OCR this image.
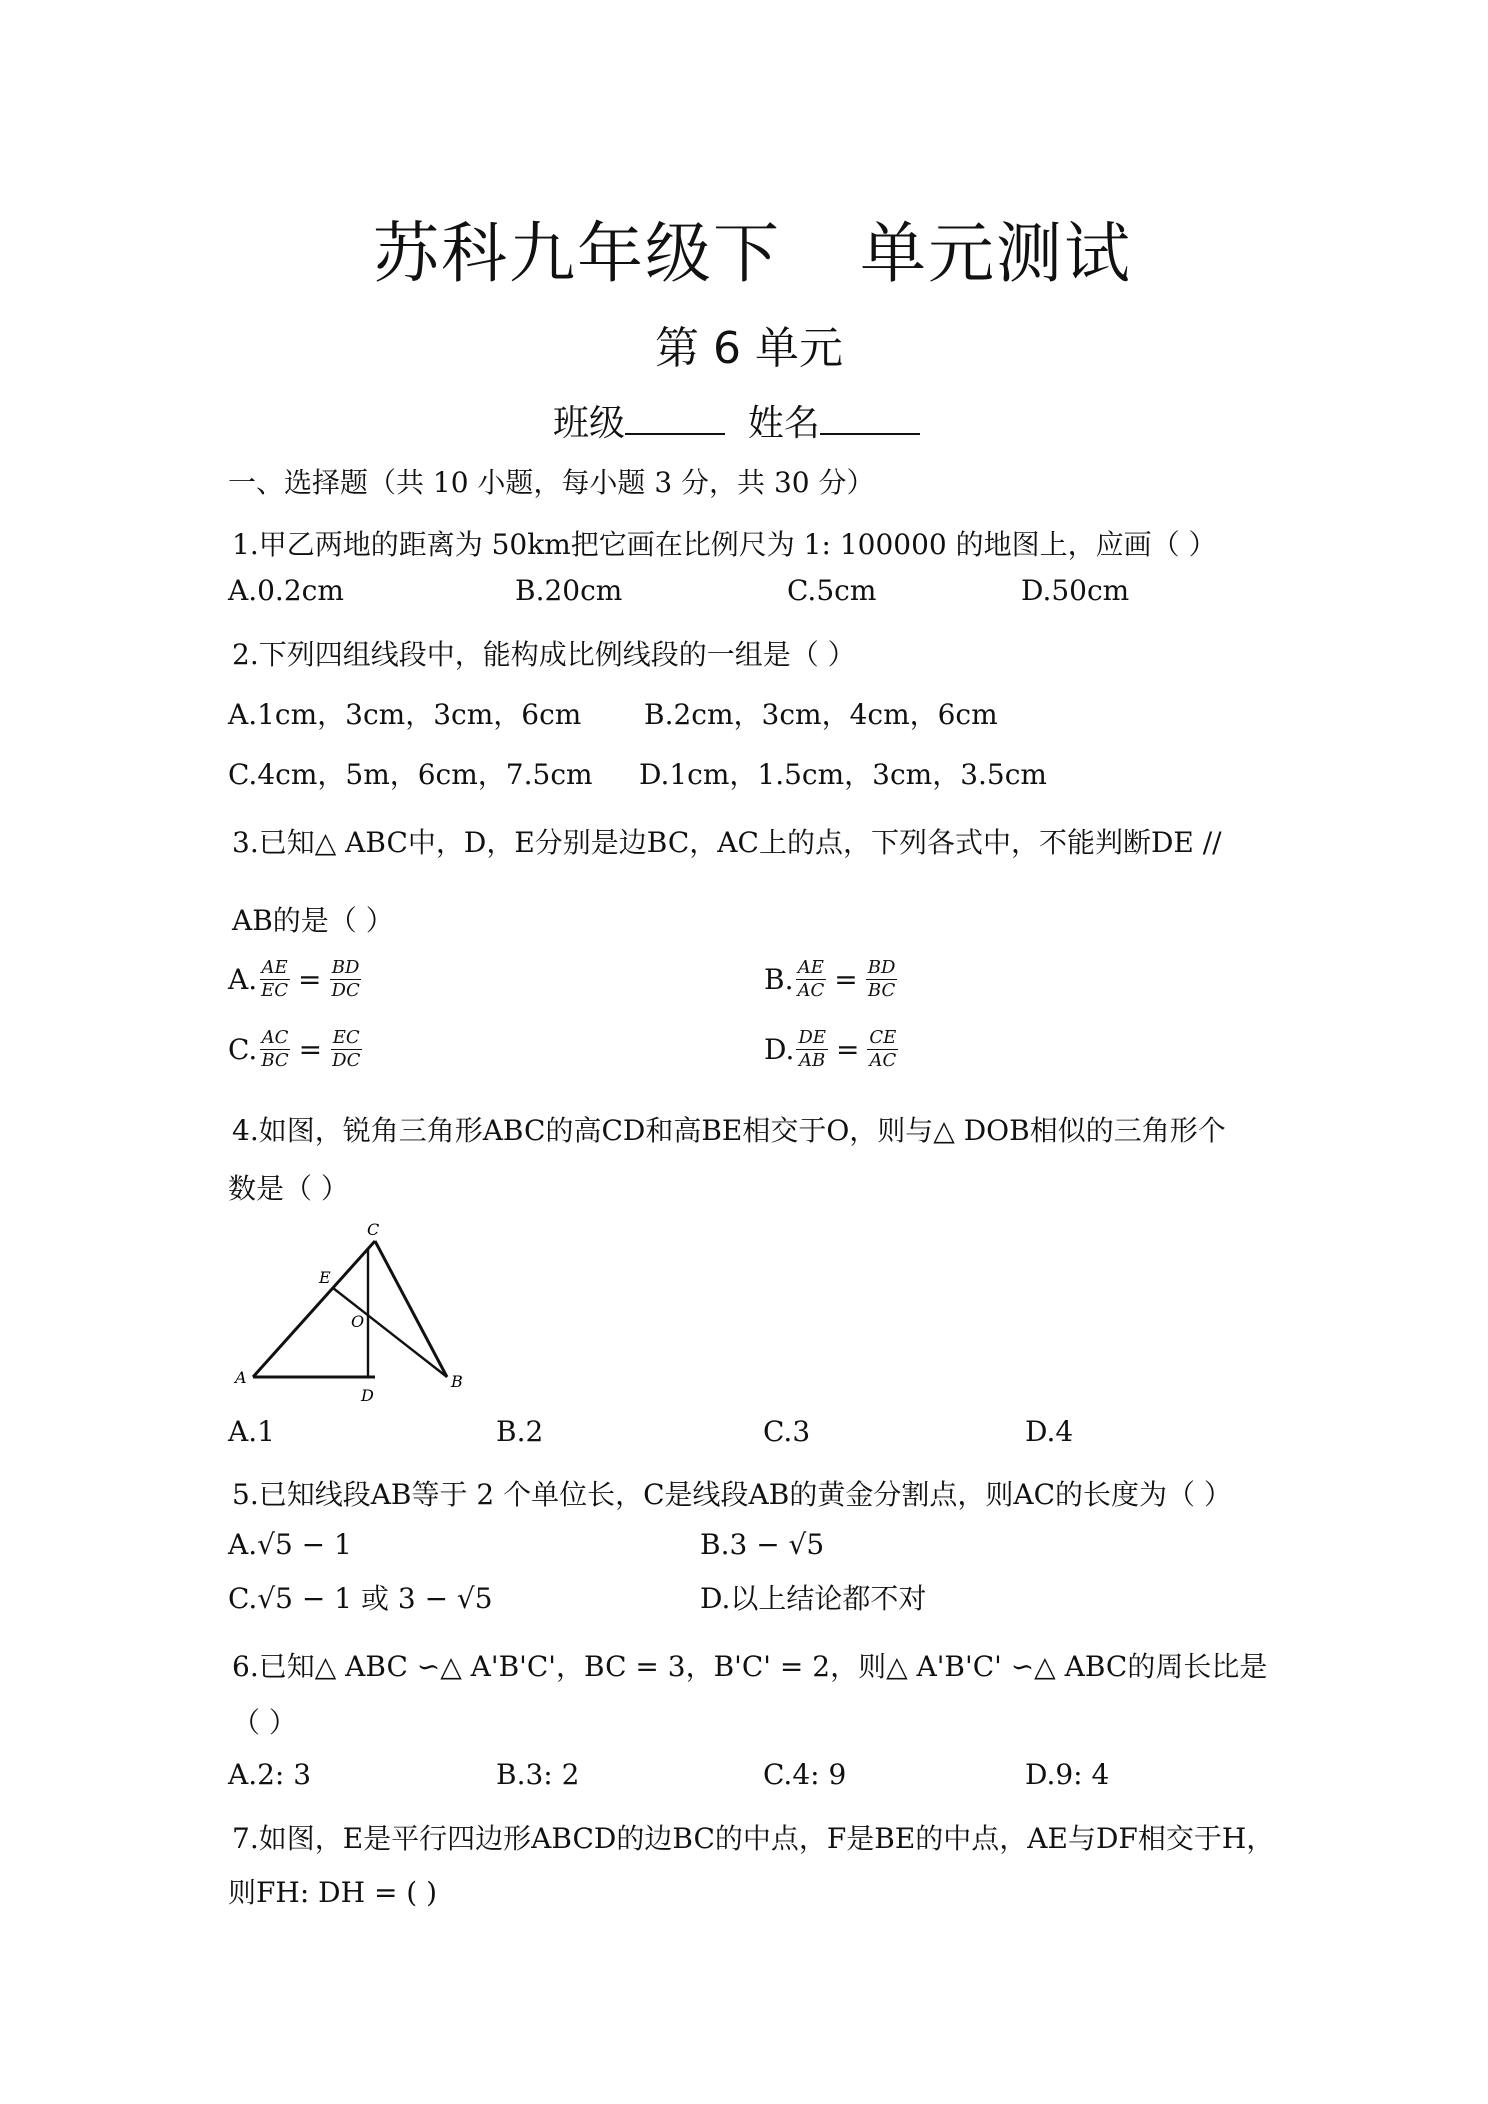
苏科九年级下 单元测试
第 6 单元
班级	姓名
一、选择题（共 10 小题，每小题 3 分，共 30 分）
1.甲乙两地的距离为 50km把它画在比例尺为 1: 100000 的地图上，应画（ ）
A.0.2cm	B.20cm	C.5cm	D.50cm
2.下列四组线段中，能构成比例线段的一组是（ ）
A.1cm，3cm，3cm，6cm B.2cm，3cm，4cm，6cm
C.4cm，5m，6cm，7.5cm D.1cm，1.5cm，3cm，3.5cm
3.已知△ ABC中，D，E分别是边BC，AC上的点，下列各式中，不能判断DE //
AB的是（ ）
A. $\frac{AE}{EC} = \frac{BD}{DC}$	B. $\frac{AE}{AC} = \frac{BD}{BC}$
C. $\frac{AC}{BC} = \frac{EC}{DC}$	D. $\frac{DE}{AB} = \frac{CE}{AC}$
4.如图，锐角三角形ABC的高CD和高BE相交于O，则与△ DOB相似的三角形个
数是（ ）
A	B
C
D
E
O
A.1	B.2	C.3	D.4
5.已知线段AB等于 2 个单位长，C是线段AB的黄金分割点，则AC的长度为（ ）
A.√5 − 1	B.3 − √5
C.√5 − 1 或 3 − √5	D.以上结论都不对
6.已知△ ABC ∽△ A'B'C'，BC = 3，B'C' = 2，则△ A'B'C' ∽△ ABC的周长比是
（ ）
A.2: 3	B.3: 2	C.4: 9	D.9: 4
7.如图，E是平行四边形ABCD的边BC的中点，F是BE的中点，AE与DF相交于H，
则FH: DH = ( )
